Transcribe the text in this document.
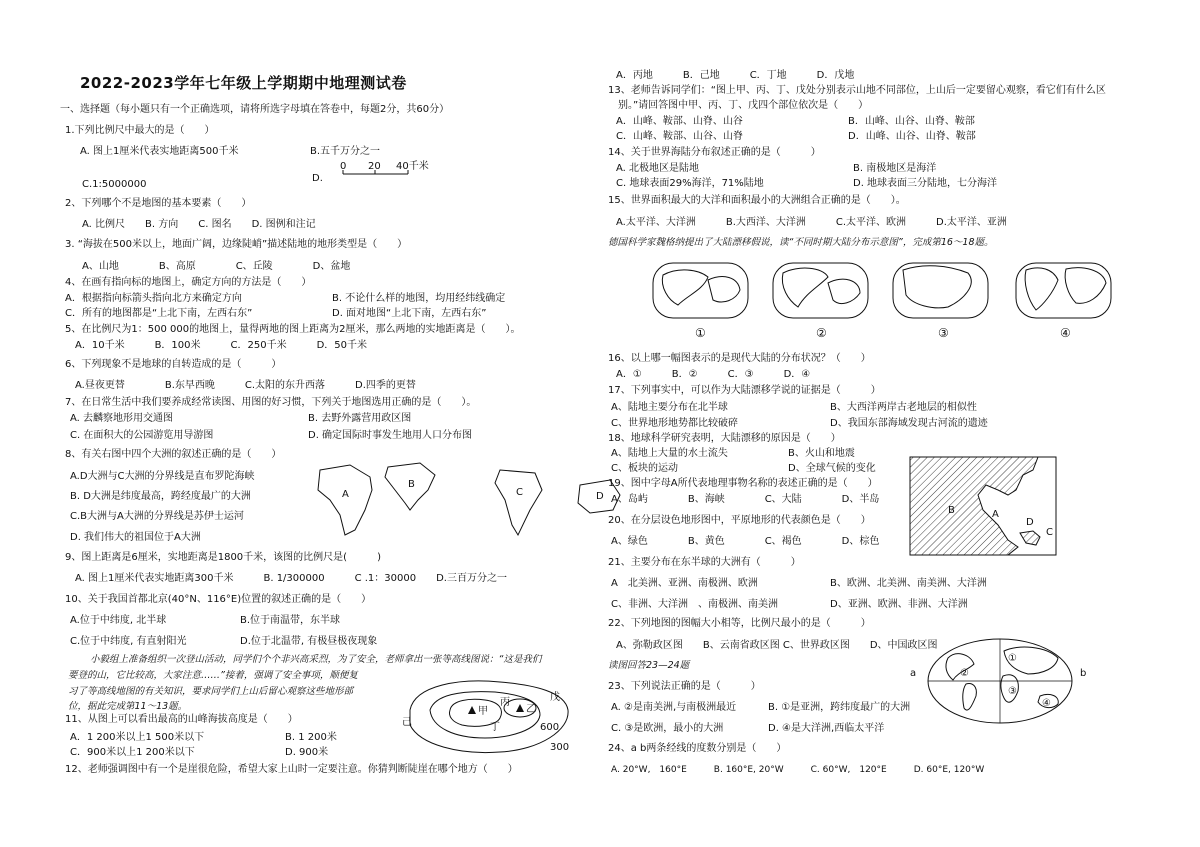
2022-2023学年七年级上学期期中地理测试卷
一、选择题（每小题只有一个正确选项，请将所选字母填在答卷中，每题2分，共60分）
1.下列比例尺中最大的是（　　）
A. 图上1厘米代表实地距离500千米	B.五千万分之一
C.1:5000000
D.
0 20 40千米
2、下列哪个不是地图的基本要素（　　）
A. 比例尺　　B. 方向　　C. 图名　　D. 图例和注记
3. “海拔在500米以上，地面广阔，边缘陡峭”描述陆地的地形类型是（　　）
A、山地　　　　B、高原　　　　C、丘陵　　　　D、盆地
4、在画有指向标的地图上，确定方向的方法是（　　）
A．根据指向标箭头指向北方来确定方向	B. 不论什么样的地图，均用经纬线确定
C．所有的地图都是“上北下南，左西右东”	D. 面对地图“上北下南，左西右东”
5、在比例尺为1：500 000的地图上，量得两地的图上距离为2厘米，那么两地的实地距离是（　　）。
A．10千米　　　B．100米　　　C．250千米　　　D．50千米
6、下列现象不是地球的自转造成的是（　　　）
A.昼夜更替　　　　B.东早西晚　　　C.太阳的东升西落　　　D.四季的更替
7、在日常生活中我们要养成经常读图、用图的好习惯，下列关于地图选用正确的是（　　）。
A. 去麟察地形用交通图	B. 去野外露营用政区图
C. 在面积大的公园游览用导游图	D. 确定国际时事发生地用人口分布图
8、有关右图中四个大洲的叙述正确的是（　　）
A.D大洲与C大洲的分界线是直布罗陀海峡
B. D大洲是纬度最高，跨经度最广的大洲
C.B大洲与A大洲的分界线是苏伊士运河
D. 我们伟大的祖国位于A大洲
A
B
C	D
9、图上距离是6厘米，实地距离是1800千米，该图的比例尺是(　　　)
A. 图上1厘米代表实地距离300千米　　　B. 1/300000　　　C .1：30000　　D.三百万分之一
10、关于我国首都北京(40°N、116°E)位置的叙述正确的是（　　）
A.位于中纬度, 北半球	B.位于南温带，东半球
C.位于中纬度, 有直射阳光	D.位于北温带, 有极昼极夜现象
小毅组上准备组织一次登山活动，同学们个个非兴高采烈，为了安全，老师拿出一张等高线图说：“这是我们
要登的山，它比较高，大家注意……”接着，强调了安全事项，顺便复
习了等高线地图的有关知识，要求同学们上山后留心观察这些地形部
位，据此完成第11～13题。	甲	乙
丙
丁
戊
己	600
300
11、从图上可以看出最高的山峰海拔高度是（　　）
A．1 200米以上1 500米以下	B. 1 200米
C．900米以上1 200米以下	D. 900米
12、老师强调图中有一个是崖很危险，希望大家上山时一定要注意。你猜判断陡崖在哪个地方（　　）
A．丙地　　　B．己地　　　C．丁地　　　D．戊地
13、老师告诉同学们：“图上甲、丙、丁、戊处分别表示山地不同部位，上山后一定要留心观察，看它们有什么区
别。”请回答图中甲、丙、丁、戊四个部位依次是（　　）
A．山峰、鞍部、山脊、山谷	B．山峰、山谷、山脊、鞍部
C．山峰、鞍部、山谷、山脊	D．山峰、山谷、山脊、鞍部
14、关于世界海陆分布叙述正确的是（　　　）
A. 北极地区是陆地	B. 南极地区是海洋
C. 地球表面29%海洋，71%陆地	D. 地球表面三分陆地，七分海洋
15、世界面积最大的大洋和面积最小的大洲组合正确的是（　　）。
A.太平洋、大洋洲　　　B.大西洋、大洋洲　　　C.太平洋、欧洲　　　D.太平洋、亚洲
德国科学家魏格纳提出了大陆漂移假说，读“不同时期大陆分布示意图”，完成第16～18题。
①	②	③	④
16、以上哪一幅图表示的是现代大陆的分布状况？（　　）
A．①　　　B．②　　　C．③　　　D．④
17、下列事实中，可以作为大陆漂移学说的证据是（　　　）
A、陆地主要分布在北半球	B、大西洋两岸古老地层的相似性
C、世界地形地势都比较破碎	D、我国东部海域发现古河流的遗迹
18、地球科学研究表明，大陆漂移的原因是（　　）
A、陆地上大量的水土流失	B、火山和地震
C、板块的运动	D、全球气候的变化
19、图中字母A所代表地理事物名称的表述正确的是（　　）
A、岛屿　　　　B、海峡　　　　C、大陆　　　　D、半岛
20、在分层设色地形图中，平原地形的代表颜色是（　　）
A、绿色　　　　B、黄色　　　　C、褐色　　　　D、棕色
A
B
C
D
21、主要分布在东半球的大洲有（　　　）
A　北美洲、亚洲、南极洲、欧洲	B、欧洲、北美洲、南美洲、大洋洲
C、非洲、大洋洲　、南极洲、南美洲	D、亚洲、欧洲、非洲、大洋洲
22、下列地图的图幅大小相等，比例尺最小的是（　　　）
A、弥勒政区图　　B、云南省政区图 C、世界政区图　　D、中国政区图
读图回答23—24题
a	b
①
②
③
④
23、下列说法正确的是（　　　）
A. ②是南美洲,与南极洲最近	B. ①是亚洲，跨纬度最广的大洲
C. ③是欧洲，最小的大洲	D. ④是大洋洲,西临太平洋
24、a b两条经线的度数分别是（　　）
A. 20°W,　160°E　　　B. 160°E, 20°W　　　C. 60°W,　120°E　　　D. 60°E, 120°W
